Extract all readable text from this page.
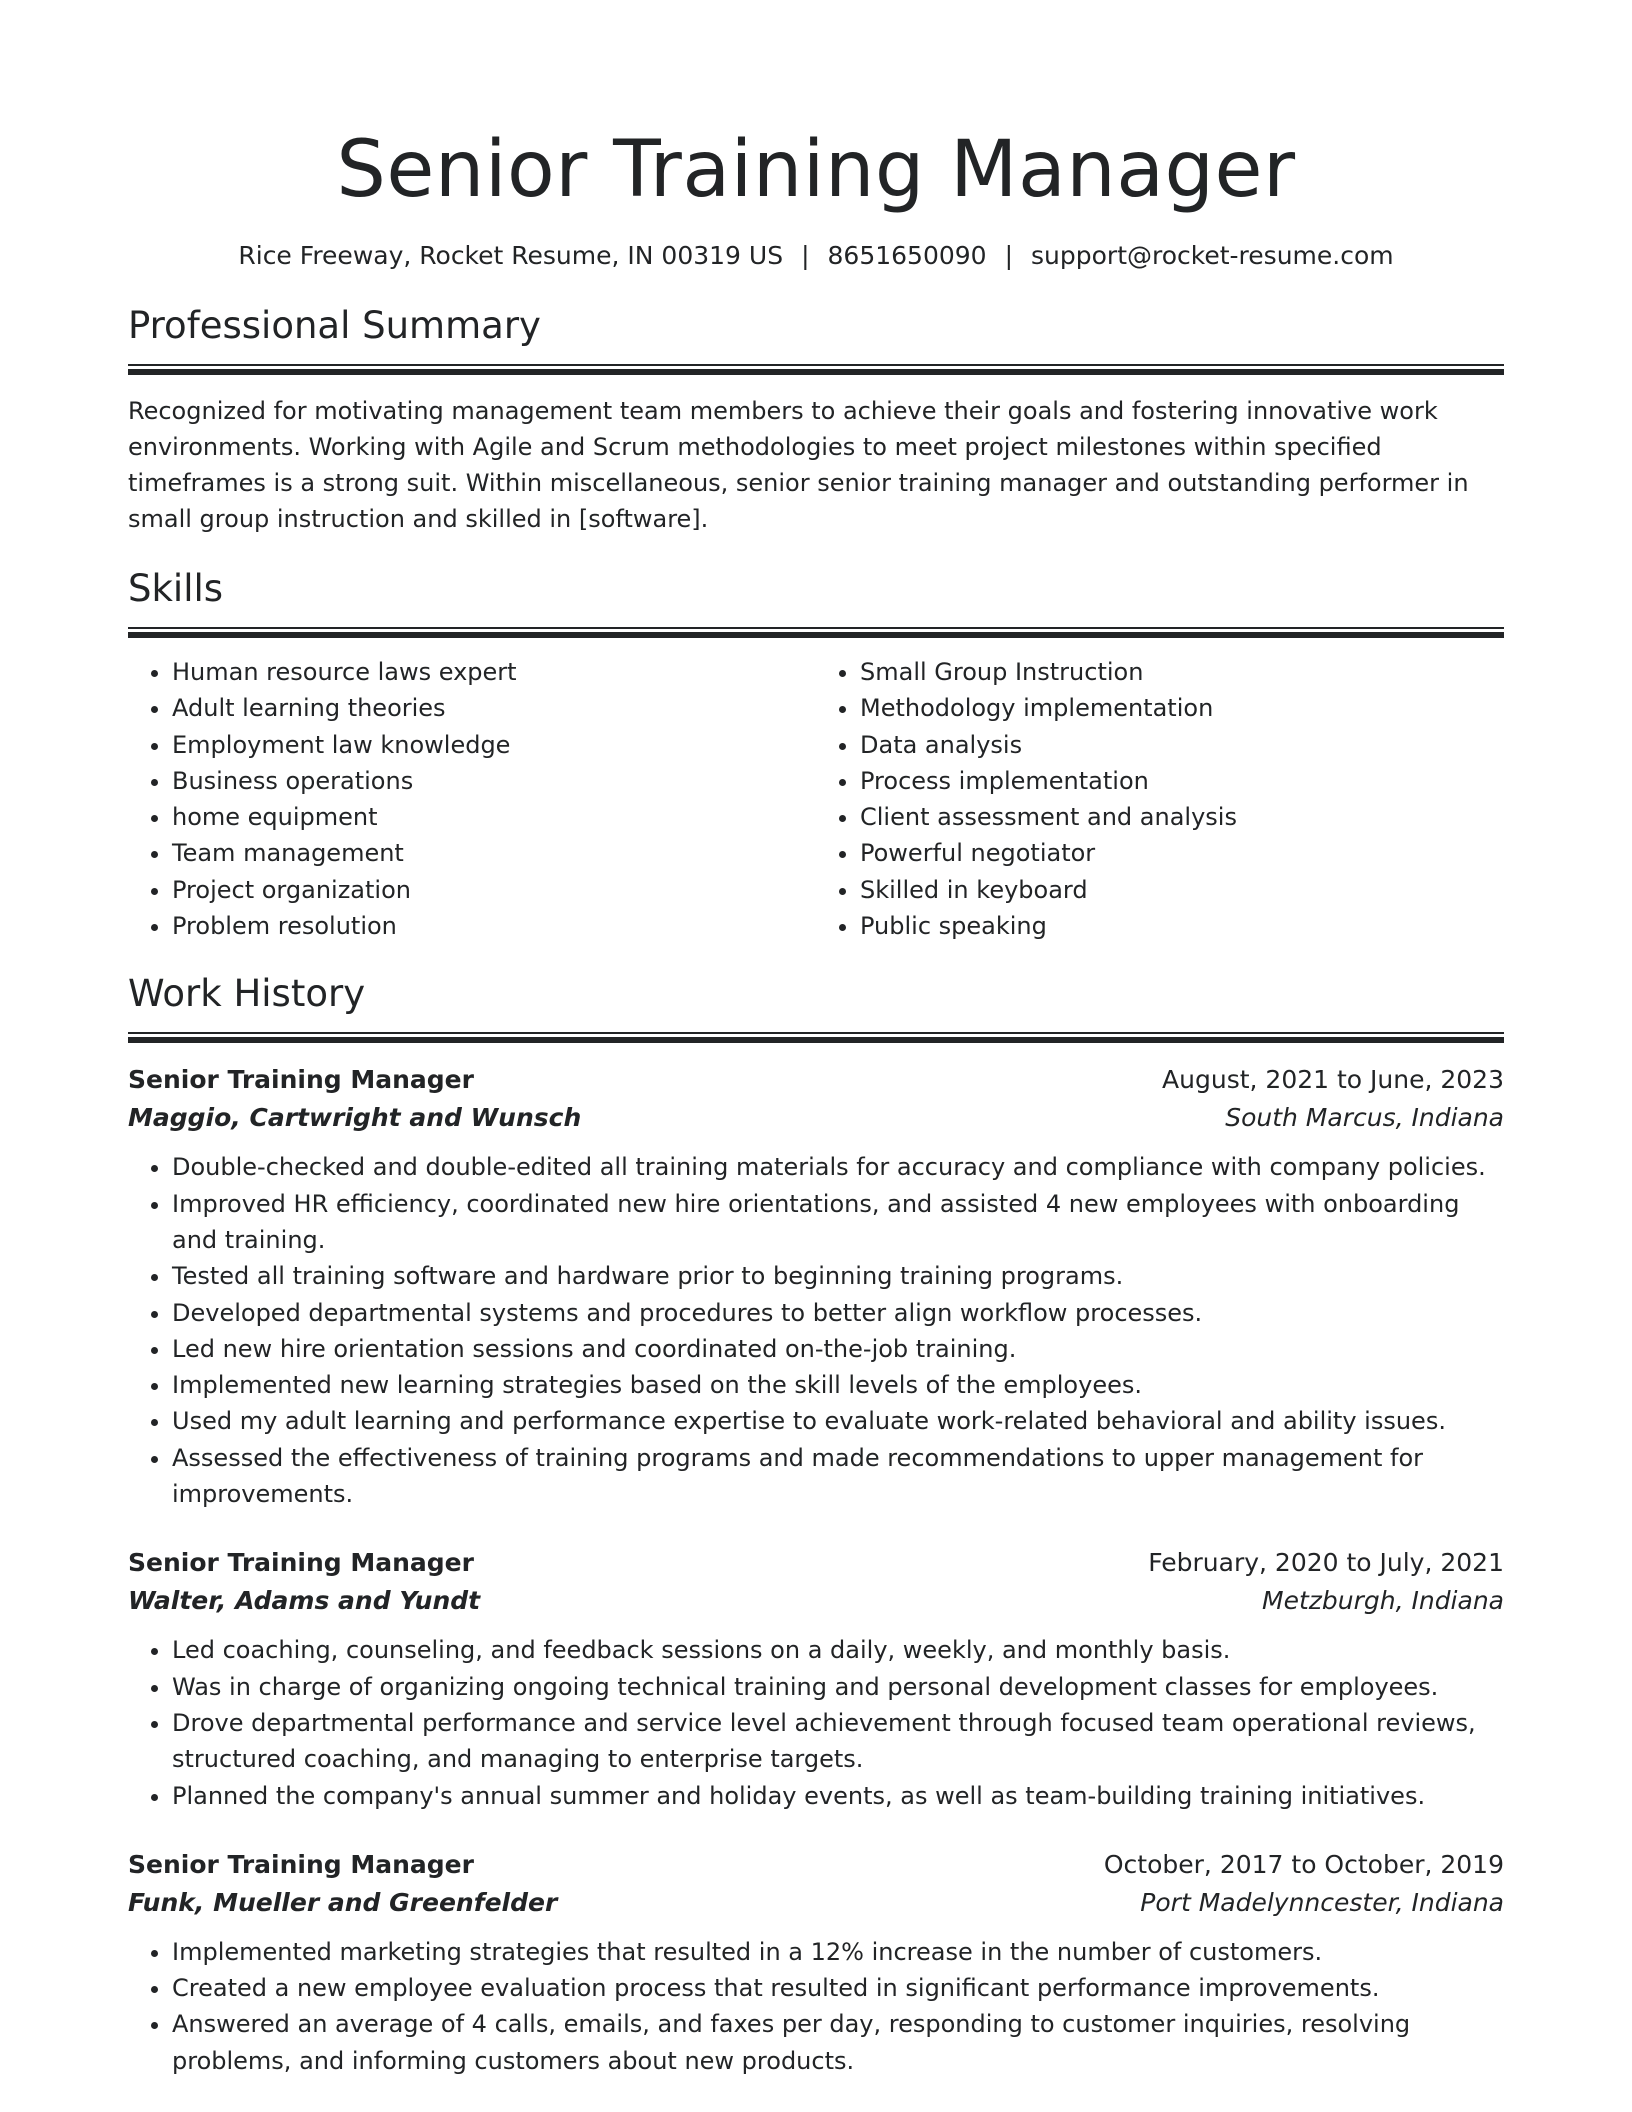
Senior Training Manager
Rice Freeway, Rocket Resume, IN 00319 US | 8651650090 | support@rocket-resume.com
Professional Summary

Recognized for motivating management team members to achieve their goals and fostering innovative work environments. Working with Agile and Scrum methodologies to meet project milestones within specified timeframes is a strong suit. Within miscellaneous, senior senior training manager and outstanding performer in small group instruction and skilled in [software].

Skills
• Human resource laws expert
• Adult learning theories
• Employment law knowledge
• Business operations
• home equipment
• Team management
• Project organization
• Problem resolution
• Small Group Instruction
• Methodology implementation
• Data analysis
• Process implementation
• Client assessment and analysis
• Powerful negotiator
• Skilled in keyboard
• Public speaking
Work History
Senior Training Manager	August, 2021 to June, 2023
Maggio, Cartwright and Wunsch	South Marcus, Indiana
• Double-checked and double-edited all training materials for accuracy and compliance with company policies.
• Improved HR efficiency, coordinated new hire orientations, and assisted 4 new employees with onboarding and training.
• Tested all training software and hardware prior to beginning training programs.
• Developed departmental systems and procedures to better align workflow processes.
• Led new hire orientation sessions and coordinated on-the-job training.
• Implemented new learning strategies based on the skill levels of the employees.
• Used my adult learning and performance expertise to evaluate work-related behavioral and ability issues.
• Assessed the effectiveness of training programs and made recommendations to upper management for improvements.
Senior Training Manager	February, 2020 to July, 2021
Walter, Adams and Yundt	Metzburgh, Indiana
• Led coaching, counseling, and feedback sessions on a daily, weekly, and monthly basis.
• Was in charge of organizing ongoing technical training and personal development classes for employees.
• Drove departmental performance and service level achievement through focused team operational reviews, structured coaching, and managing to enterprise targets.
• Planned the company's annual summer and holiday events, as well as team-building training initiatives.
Senior Training Manager	October, 2017 to October, 2019
Funk, Mueller and Greenfelder	Port Madelynncester, Indiana
• Implemented marketing strategies that resulted in a 12% increase in the number of customers.
• Created a new employee evaluation process that resulted in significant performance improvements.
• Answered an average of 4 calls, emails, and faxes per day, responding to customer inquiries, resolving problems, and informing customers about new products.
